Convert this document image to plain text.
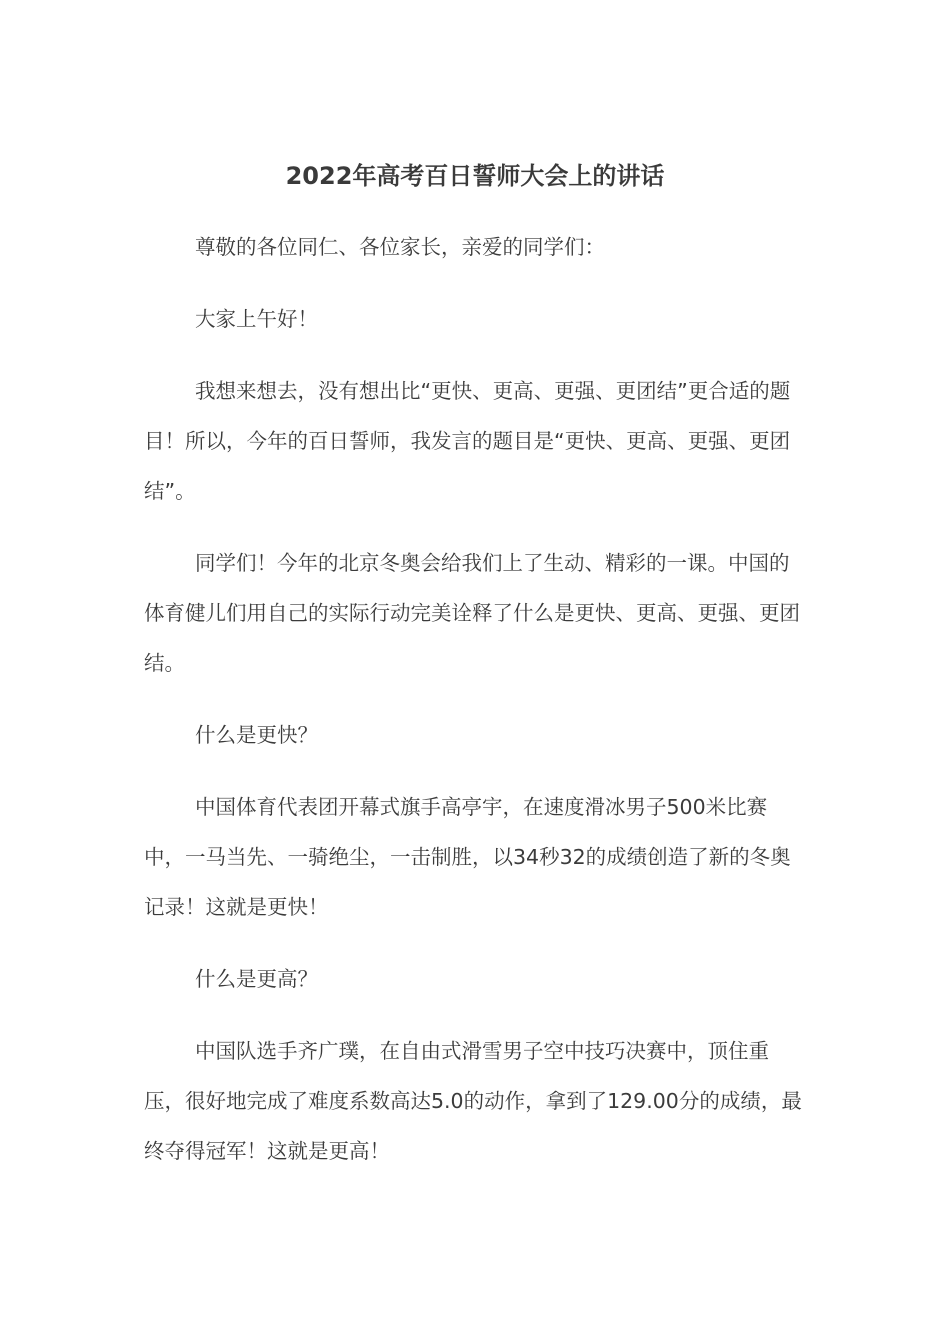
2022年高考百日誓师大会上的讲话

尊敬的各位同仁、各位家长，亲爱的同学们：

大家上午好！

我想来想去，没有想出比“更快、更高、更强、更团结”更合适的题目！所以，今年的百日誓师，我发言的题目是“更快、更高、更强、更团结”。

同学们！今年的北京冬奥会给我们上了生动、精彩的一课。中国的体育健儿们用自己的实际行动完美诠释了什么是更快、更高、更强、更团结。

什么是更快？

中国体育代表团开幕式旗手高亭宇，在速度滑冰男子500米比赛中，一马当先、一骑绝尘，一击制胜，以34秒32的成绩创造了新的冬奥记录！这就是更快！

什么是更高？

中国队选手齐广璞，在自由式滑雪男子空中技巧决赛中，顶住重压，很好地完成了难度系数高达5.0的动作，拿到了129.00分的成绩，最终夺得冠军！这就是更高！
